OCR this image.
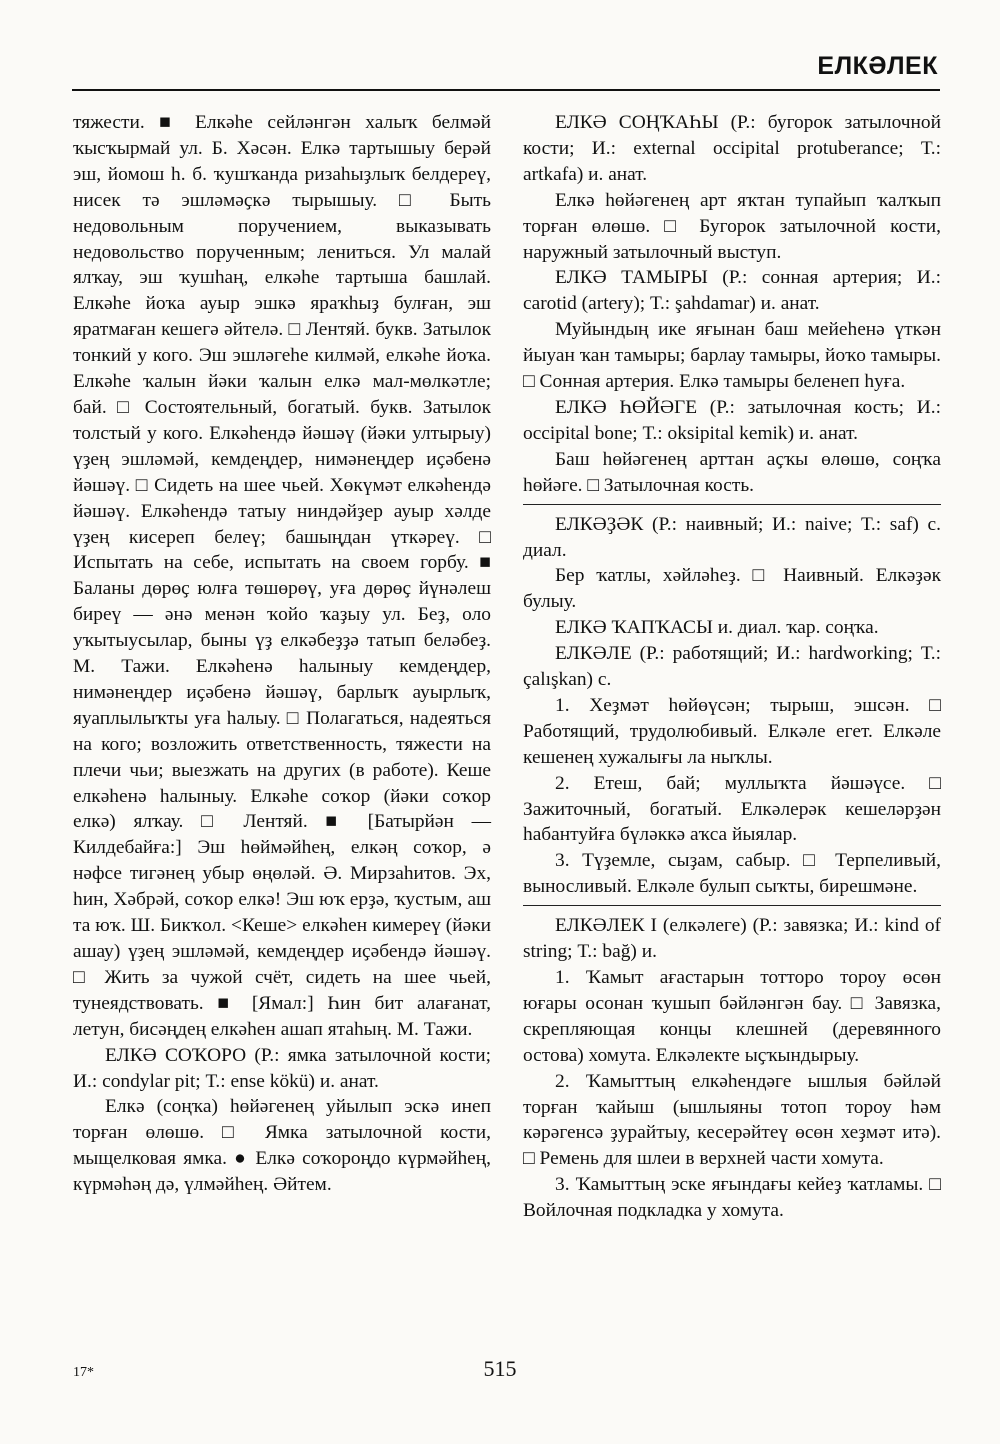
ЕЛКӘЛЕК

тяжести. ■ Елкәһе сейләнгән халыҡ белмәй ҡысҡырмай ул. Б. Хәсән. Елкә тартышыу берәй эш, йомош һ. б. ҡушҡанда ризаһыҙлыҡ белдереү, нисек тә эшләмәҫкә тырышыу. □ Быть недовольным поручением, выказывать недовольство порученным; лениться. Ул малай ялҡау, эш ҡушһаң, елкәһе тартыша башлай. Елкәһе йоҡа ауыр эшкә яраҡһыҙ булған, эш яратмаған кешегә әйтелә. □ Лентяй. букв. Затылок тонкий у кого. Эш эшләгеһе килмәй, елкәһе йоҡа. Елкәһе ҡалын йәки ҡалын елкә мал-мөлкәтле; бай. □ Состоятельный, богатый. букв. Затылок толстый у кого. Елкәһендә йәшәү (йәки ултырыу) үҙең эшләмәй, кемдеңдер, нимәнеңдер иҫәбенә йәшәү. □ Сидеть на шее чьей. Хөкүмәт елкәһендә йәшәү. Елкәһендә татыу ниндәйҙер ауыр хәлде үҙең кисереп белеү; башыңдан үткәреү. □ Испытать на себе, испытать на своем горбу. ■ Баланы дөрөҫ юлға төшөрөү, уға дөрөҫ йүнәлеш биреү — әнә менән ҡойо ҡаҙыу ул. Беҙ, оло уҡытыусылар, быны үҙ елкәбеҙҙә татып беләбеҙ. М. Тажи. Елкәһенә һалыныу кемдеңдер, нимәнеңдер иҫәбенә йәшәү, барлыҡ ауырлыҡ, яуаплылыҡты уға һалыу. □ Полагаться, надеяться на кого; возложить ответственность, тяжести на плечи чьи; выезжать на других (в работе). Кеше елкәһенә һалыныу. Елкәһе соҡор (йәки соҡор елкә) ялҡау. □ Лентяй. ■ [Батырйән — Килдебайға:] Эш һөймәйһең, елкәң соҡор, ә нәфсе тигәнең убыр өңөләй. Ә. Мирзаһитов. Эх, һин, Хәбрәй, соҡор елкә! Эш юҡ ерҙә, ҡустым, аш та юҡ. Ш. Бикҡол. <Кеше> елкәһен кимереү (йәки ашау) үҙең эшләмәй, кемдеңдер иҫәбендә йәшәү. □ Жить за чужой счёт, сидеть на шее чьей, тунеядствовать. ■ [Ямал:] Һин бит алағанат, летун, бисәңдең елкәһен ашап ятаһың. М. Тажи.

ЕЛКӘ СОҠОРО (Р.: ямка затылочной кости; И.: condylar pit; Т.: ense kökü) и. анат.

Елкә (соңҡа) һөйәгенең уйылып эскә инеп торған өлөшө. □ Ямка затылочной кости, мыщелковая ямка. ● Елкә соҡороңдо күрмәйһең, күрмәһәң дә, үлмәйһең. Әйтем.

ЕЛКӘ СОҢҠАҺЫ (Р.: бугорок затылочной кости; И.: external occipital protuberance; Т.: artkafa) и. анат.

Елкә һөйәгенең арт яҡтан тупайып ҡалҡып торған өлөшө. □ Бугорок затылочной кости, наружный затылочный выступ.

ЕЛКӘ ТАМЫРЫ (Р.: сонная артерия; И.: carotid (artery); Т.: şahdamar) и. анат.

Муйындың ике яғынан баш мейеһенә үткән йыуан ҡан тамыры; барлау тамыры, йоҡо тамыры. □ Сонная артерия. Елкә тамыры беленеп һуға.

ЕЛКӘ ҺӨЙӘГЕ (Р.: затылочная кость; И.: occipital bone; Т.: oksipital kemik) и. анат.

Баш һөйәгенең арттан аҫҡы өлөшө, соңҡа һөйәге. □ Затылочная кость.

ЕЛКӘҘӘК (Р.: наивный; И.: naive; Т.: saf) с. диал.

Бер ҡатлы, хәйләһеҙ. □ Наивный. Елкәҙәк булыу.

ЕЛКӘ ҠАПҠАСЫ и. диал. ҡар. соңҡа.

ЕЛКӘЛЕ (Р.: работящий; И.: hardworking; Т.: çalışkan) с.

1. Хеҙмәт һөйөүсән; тырыш, эшсән. □ Работящий, трудолюбивый. Елкәле егет. Елкәле кешенең хужалығы ла ныҡлы.

2. Етеш, бай; муллыҡта йәшәүсе. □ Зажиточный, богатый. Елкәлерәк кешеләрҙән һабантуйға бүләккә аҡса йыялар.

3. Түҙемле, сыҙам, сабыр. □ Терпеливый, выносливый. Елкәле булып сыҡты, бирешмәне.

ЕЛКӘЛЕК I (елкәлеге) (Р.: завязка; И.: kind of string; Т.: bağ) и.

1. Ҡамыт ағастарын тотторо тороу өсөн юғары осонан ҡушып бәйләнгән бау. □ Завязка, скрепляющая концы клешней (деревянного остова) хомута. Елкәлекте ыҫҡындырыу.

2. Ҡамыттың елкәһендәге ышлыя бәйләй торған ҡайыш (ышлыяны тотоп тороу һәм кәрәгенсә ҙурайтыу, кесерәйтеү өсөн хеҙмәт итә). □ Ремень для шлеи в верхней части хомута.

3. Ҡамыттың эске яғындағы кейеҙ ҡатламы. □ Войлочная подкладка у хомута.

17*	515
